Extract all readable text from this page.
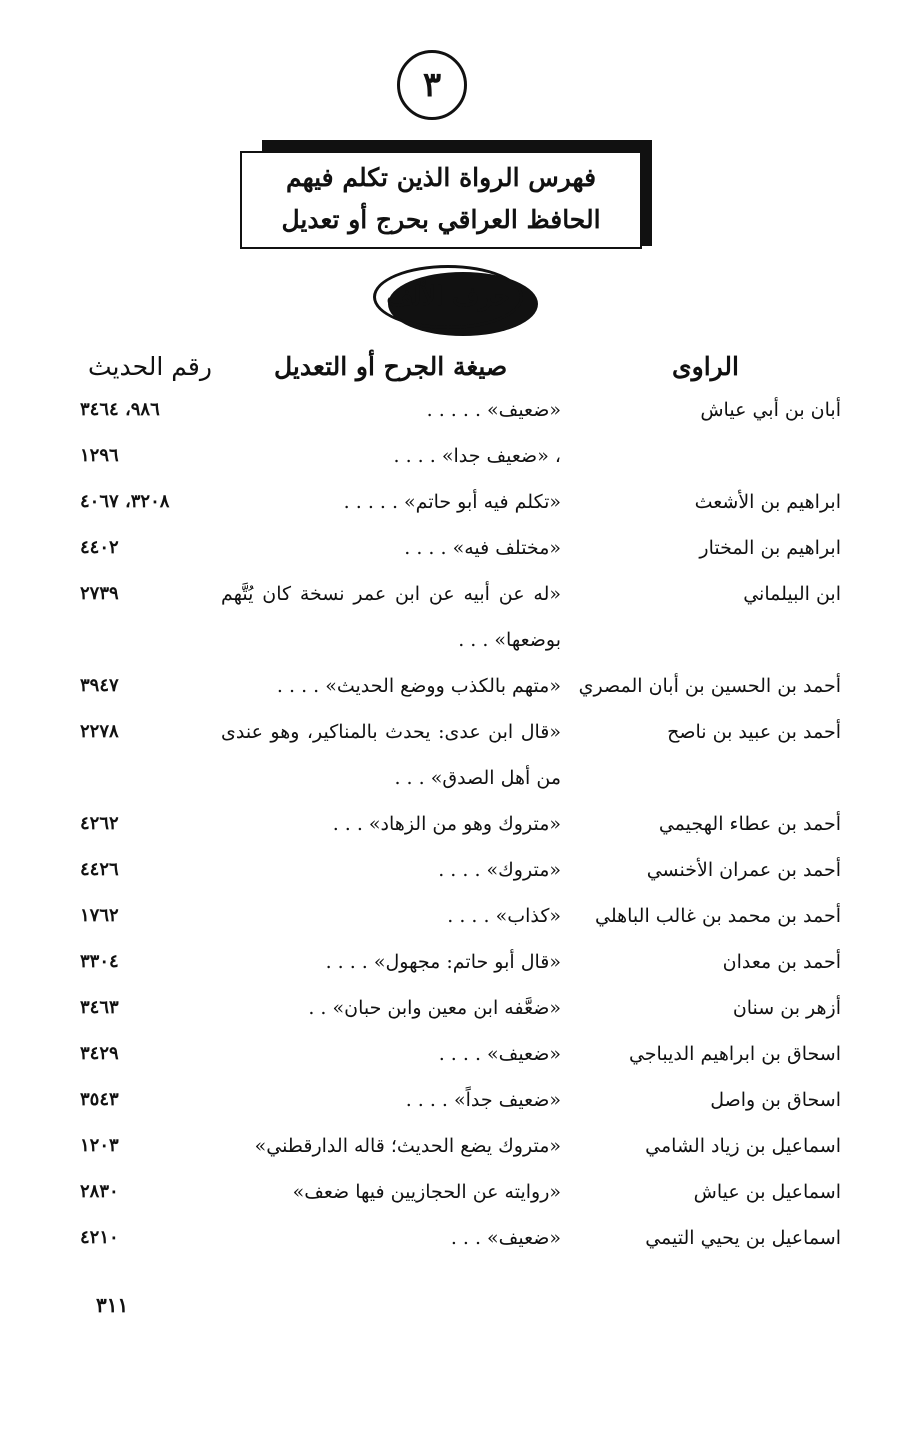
٣
فهرس الرواة الذين تكلم فيهم
الحافظ العراقي بحرج أو تعديل
حرف الألف
الراوى
صيغة الجرح أو التعديل
رقم الحديث
أبان بن أبي عياش
«ضعيف» . . . . .
٩٨٦، ٣٤٦٤
، «ضعيف جدا» . . . .
١٢٩٦
ابراهيم بن الأشعث
«تكلم فيه أبو حاتم» . . . . .
٣٢٠٨، ٤٠٦٧
ابراهيم بن المختار
«مختلف فيه» . . . .
٤٤٠٢
ابن البيلماني
«له عن أبيه عن ابن عمر نسخة كان يُتَّهم بوضعها» . . .
٢٧٣٩
أحمد بن الحسين بن أبان المصري
«متهم بالكذب ووضع الحديث» . . . .
٣٩٤٧
أحمد بن عبيد بن ناصح
«قال ابن عدى: يحدث بالمناكير، وهو عندى من أهل الصدق» . . .
٢٢٧٨
أحمد بن عطاء الهجيمي
«متروك وهو من الزهاد» . . .
٤٢٦٢
أحمد بن عمران الأخنسي
«متروك» . . . .
٤٤٢٦
أحمد بن محمد بن غالب الباهلي
«كذاب» . . . .
١٧٦٢
أحمد بن معدان
«قال أبو حاتم: مجهول» . . . .
٣٣٠٤
أزهر بن سنان
«ضعَّفه ابن معين وابن حبان» . .
٣٤٦٣
اسحاق بن ابراهيم الديباجي
«ضعيف» . . . .
٣٤٢٩
اسحاق بن واصل
«ضعيف جداً» . . . .
٣٥٤٣
اسماعيل بن زياد الشامي
«متروك يضع الحديث؛ قاله الدارقطني»
١٢٠٣
اسماعيل بن عياش
«روايته عن الحجازيين فيها ضعف»
٢٨٣٠
اسماعيل بن يحيي التيمي
«ضعيف» . . .
٤٢١٠
٣١١
